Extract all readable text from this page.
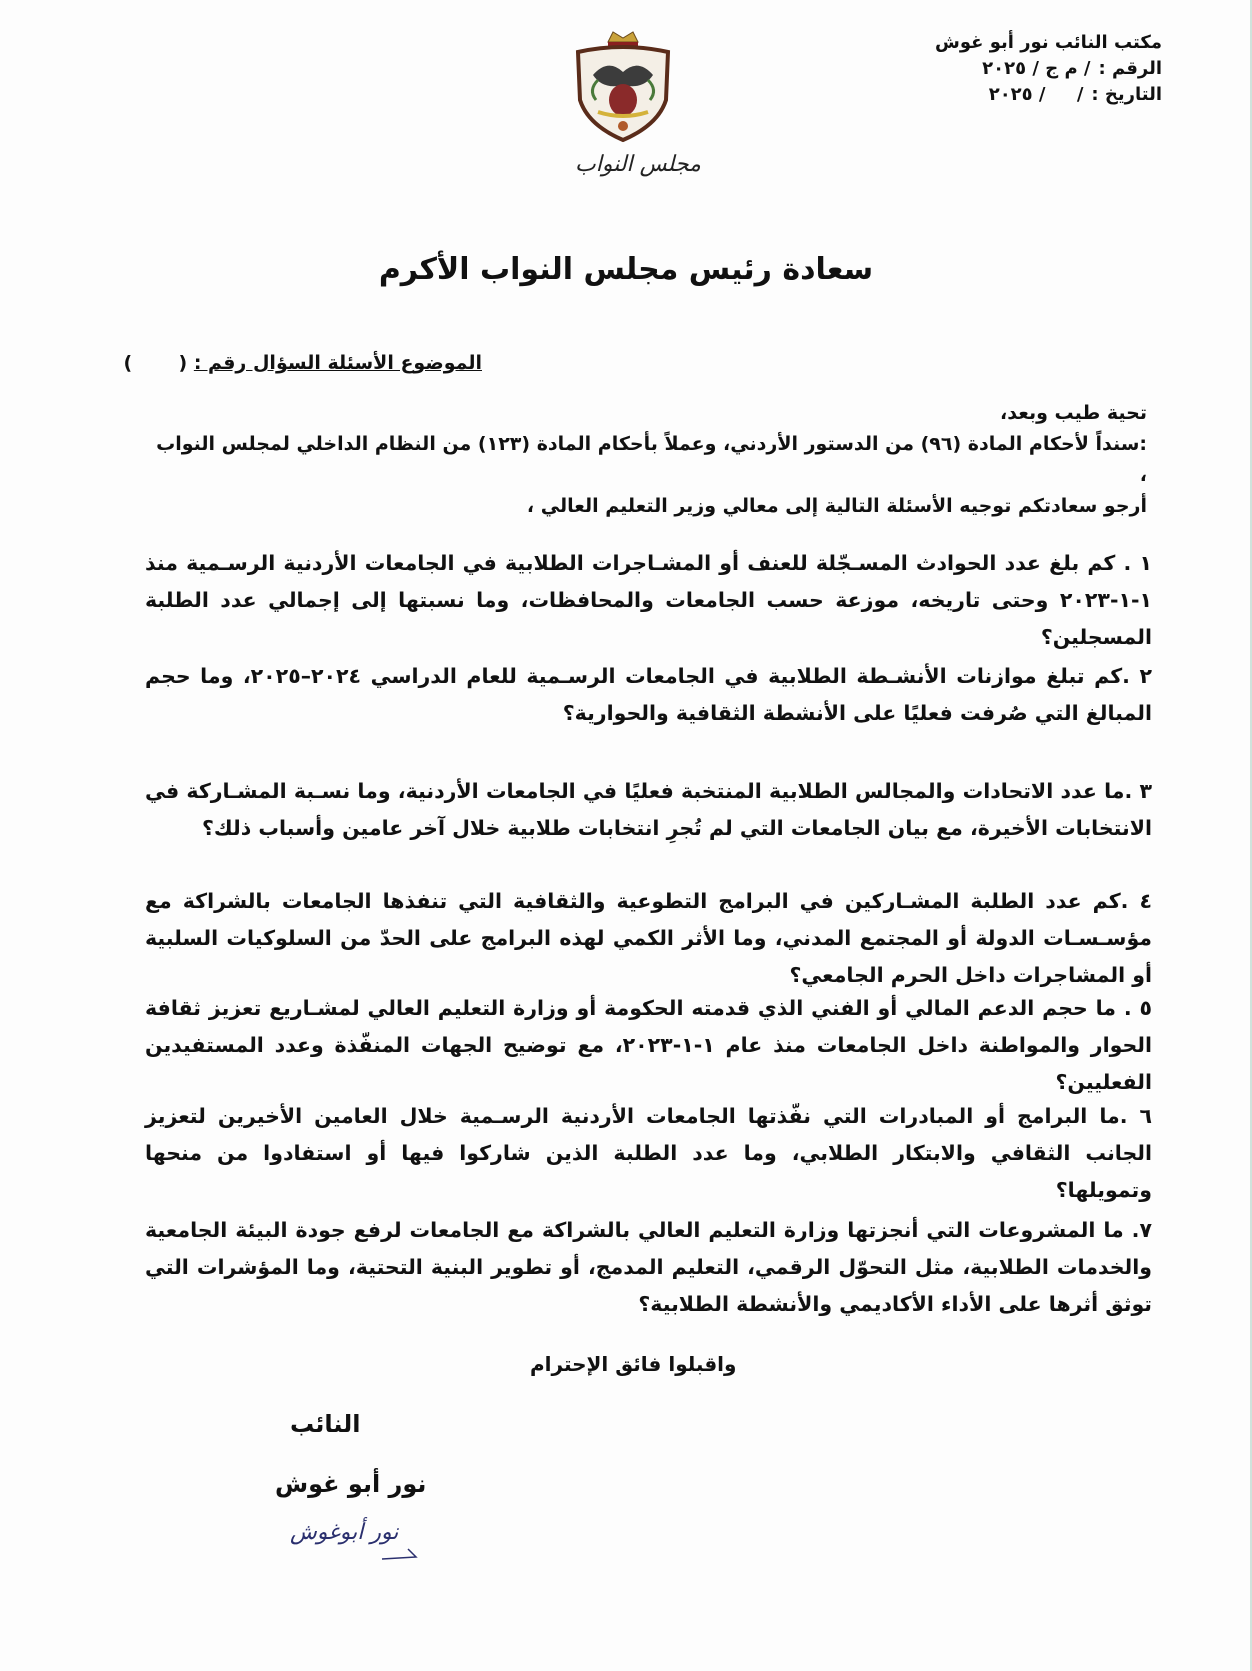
مكتب النائب نور أبو غوش
الرقم :
/ م ج / ٢٠٢٥
التاريخ :
/     / ٢٠٢٥
مجلس النواب
سعادة رئيس مجلس النواب الأكرم
الموضوع الأسئلة السؤال رقم : (       )
تحية طيب وبعد،
:سنداً لأحكام المادة (٩٦) من الدستور الأردني، وعملاً بأحكام المادة (١٢٣) من النظام الداخلي لمجلس النواب ،
أرجو سعادتكم توجيه الأسئلة التالية إلى معالي وزير التعليم العالي ،
١ . كم بلغ عدد الحوادث المسـجّلة للعنف أو المشـاجرات الطلابية في الجامعات الأردنية الرسـمية منذ ١-١-٢٠٢٣ وحتى تاريخه، موزعة حسب الجامعات والمحافظات، وما نسبتها إلى إجمالي عدد الطلبة المسجلين؟
٢ .كم تبلغ موازنات الأنشـطة الطلابية في الجامعات الرسـمية للعام الدراسي ٢٠٢٤–٢٠٢٥، وما حجم المبالغ التي صُرفت فعليًا على الأنشطة الثقافية والحوارية؟
٣ .ما عدد الاتحادات والمجالس الطلابية المنتخبة فعليًا في الجامعات الأردنية، وما نسـبة المشـاركة في الانتخابات الأخيرة، مع بيان الجامعات التي لم تُجرِ انتخابات طلابية خلال آخر عامين وأسباب ذلك؟
٤ .كم عدد الطلبة المشـاركين في البرامج التطوعية والثقافية التي تنفذها الجامعات بالشراكة مع مؤسـسـات الدولة أو المجتمع المدني، وما الأثر الكمي لهذه البرامج على الحدّ من السلوكيات السلبية أو المشاجرات داخل الحرم الجامعي؟
٥ . ما حجم الدعم المالي أو الفني الذي قدمته الحكومة أو وزارة التعليم العالي لمشـاريع تعزيز ثقافة الحوار والمواطنة داخل الجامعات منذ عام ١-١-٢٠٢٣، مع توضيح الجهات المنفّذة وعدد المستفيدين الفعليين؟
٦ .ما البرامج أو المبادرات التي نفّذتها الجامعات الأردنية الرسـمية خلال العامين الأخيرين لتعزيز الجانب الثقافي والابتكار الطلابي، وما عدد الطلبة الذين شاركوا فيها أو استفادوا من منحها وتمويلها؟
٧. ما المشروعات التي أنجزتها وزارة التعليم العالي بالشراكة مع الجامعات لرفع جودة البيئة الجامعية والخدمات الطلابية، مثل التحوّل الرقمي، التعليم المدمج، أو تطوير البنية التحتية، وما المؤشرات التي توثق أثرها على الأداء الأكاديمي والأنشطة الطلابية؟
واقبلوا فائق الإحترام
النائب
نور أبو غوش
نور أبوغوش
